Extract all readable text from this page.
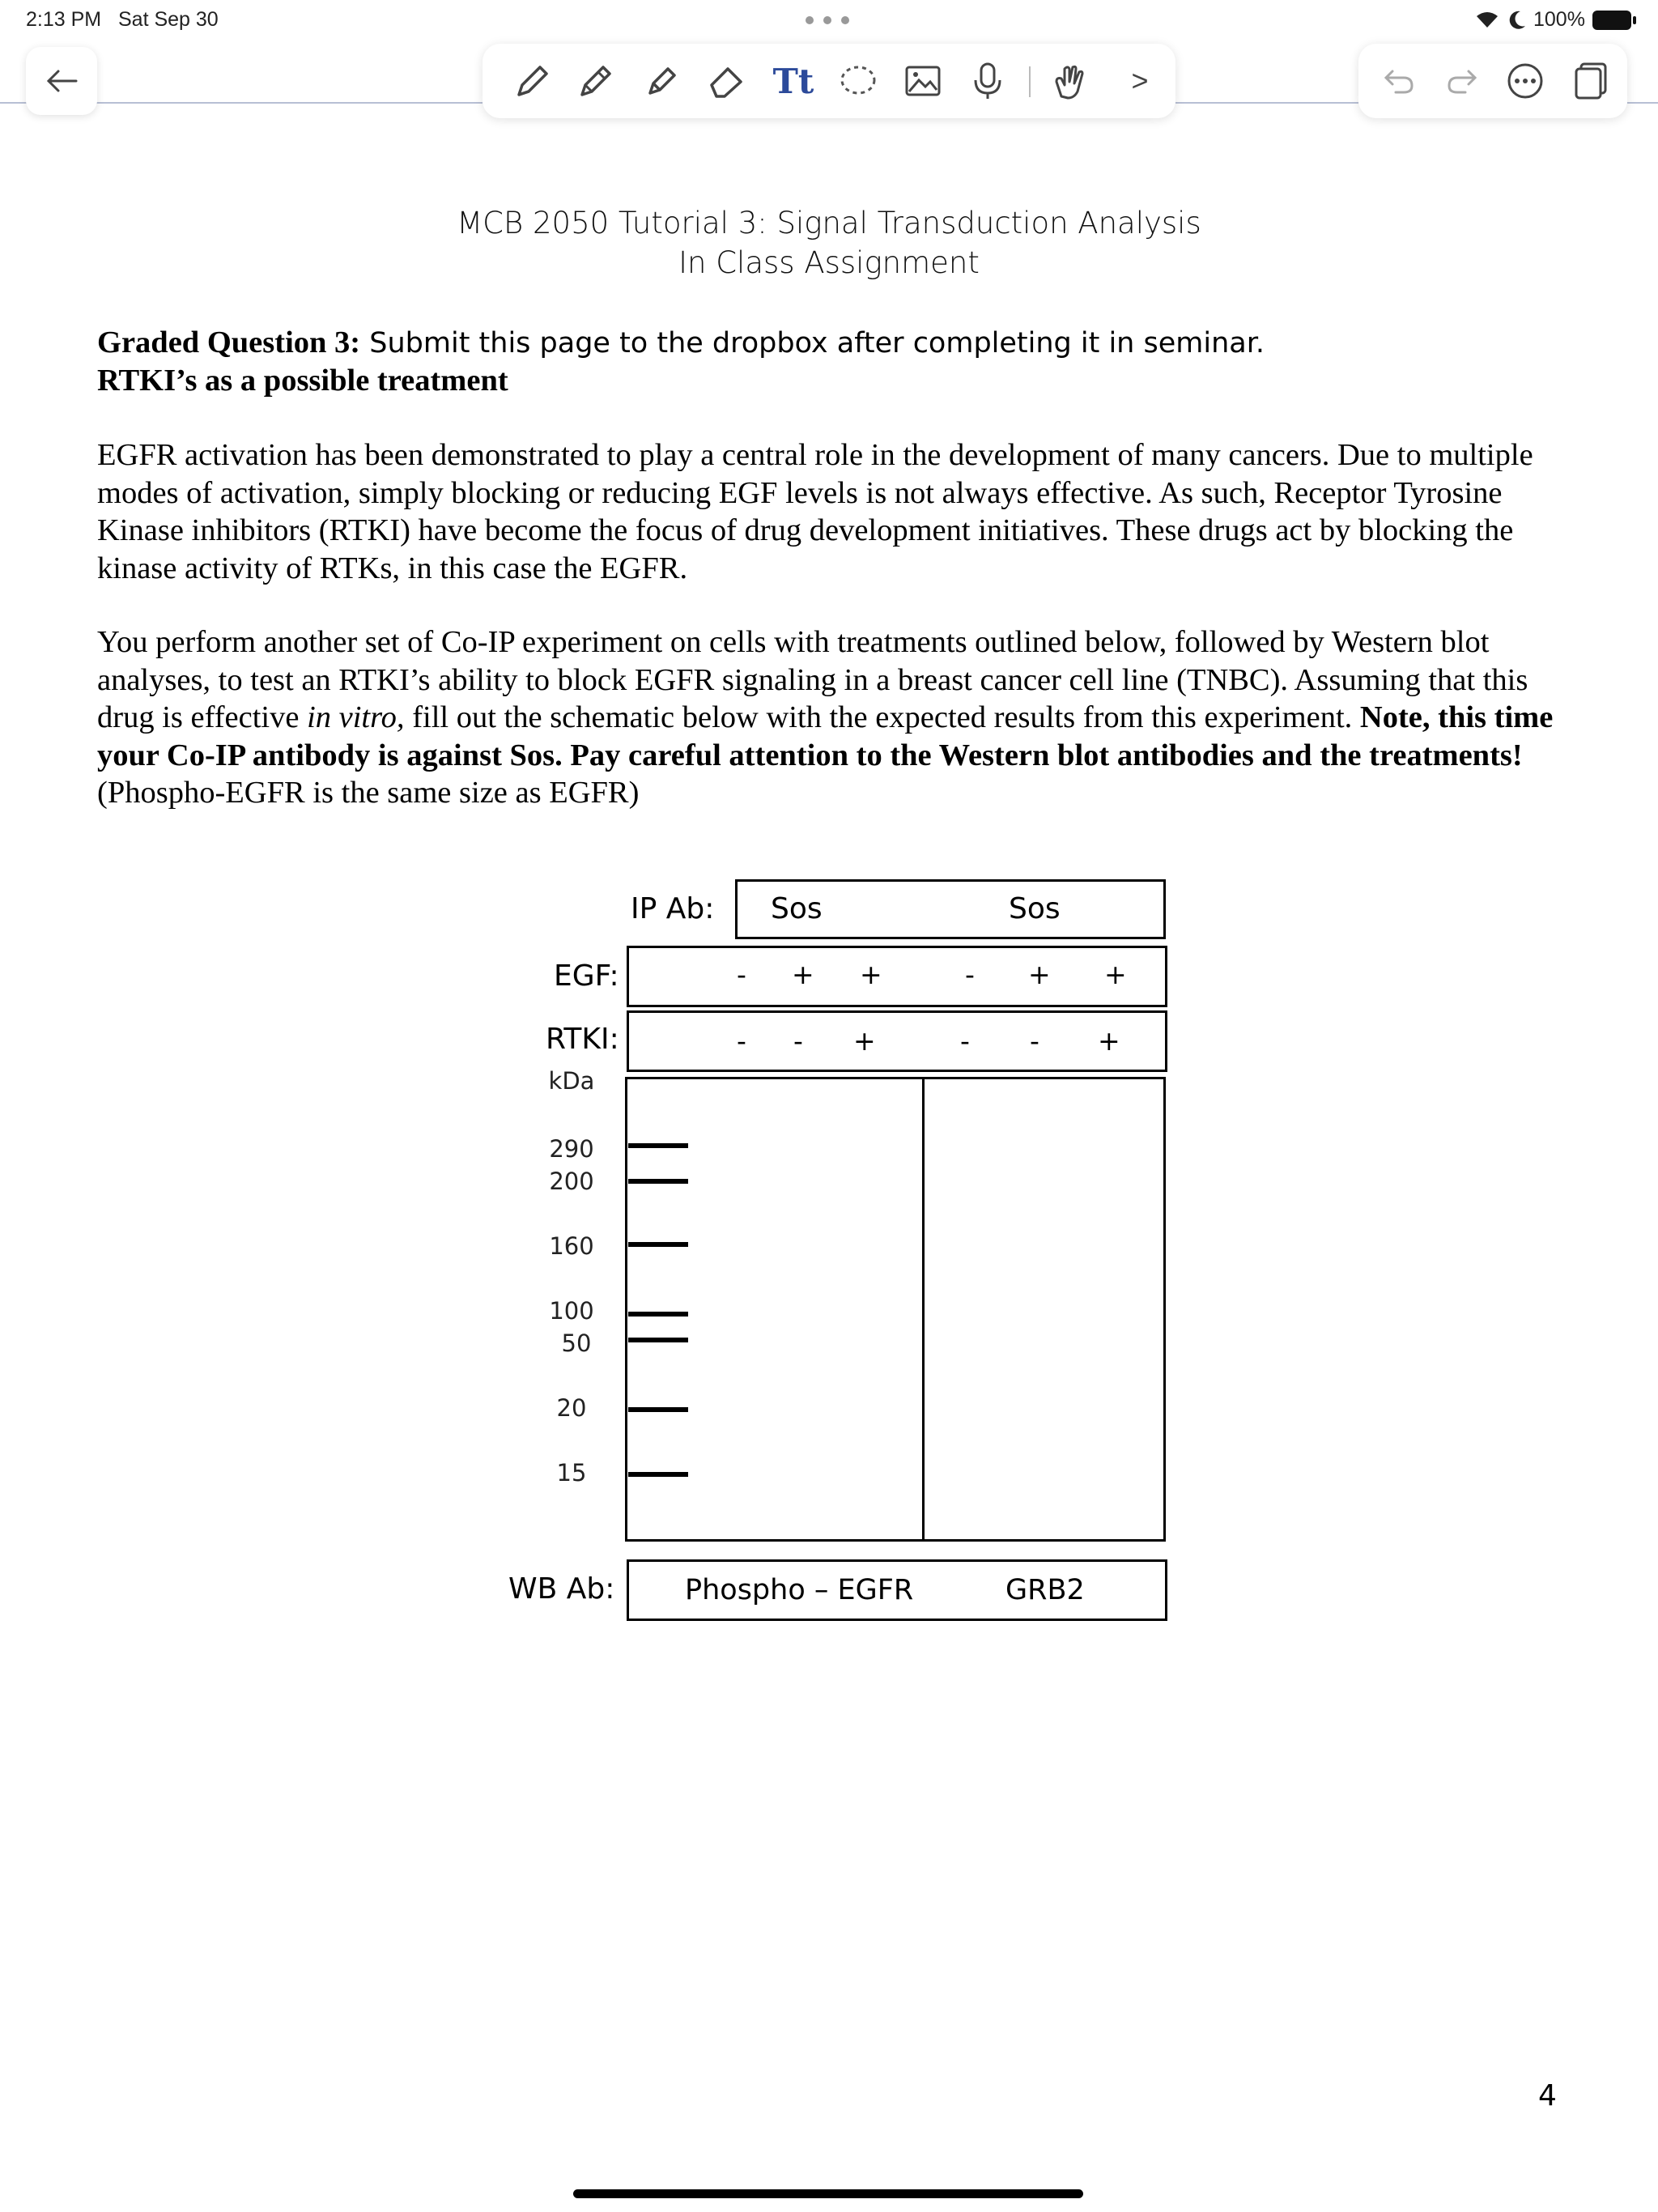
2:13 PM Sat Sep 30	100%
Tt	>
MCB 2050 Tutorial 3: Signal Transduction Analysis
In Class Assignment
Graded Question 3: Submit this page to the dropbox after completing it in seminar.
RTKI’s as a possible treatment
EGFR activation has been demonstrated to play a central role in the development of many cancers. Due to multiple modes of activation, simply blocking or reducing EGF levels is not always effective. As such, Receptor Tyrosine Kinase inhibitors (RTKI) have become the focus of drug development initiatives. These drugs act by blocking the kinase activity of RTKs, in this case the EGFR.
You perform another set of Co-IP experiment on cells with treatments outlined below, followed by Western blot analyses, to test an RTKI’s ability to block EGFR signaling in a breast cancer cell line (TNBC). Assuming that this drug is effective in vitro, fill out the schematic below with the expected results from this experiment. Note, this time your Co-IP antibody is against Sos. Pay careful attention to the Western blot antibodies and the treatments! (Phospho-EGFR is the same size as EGFR)
IP Ab: Sos	Sos
EGF:	- + +	- + +
RTKI:	- - +	- - +
kDa
290
200
160
100
50
20
15
WB Ab: Phospho – EGFR	GRB2
4
